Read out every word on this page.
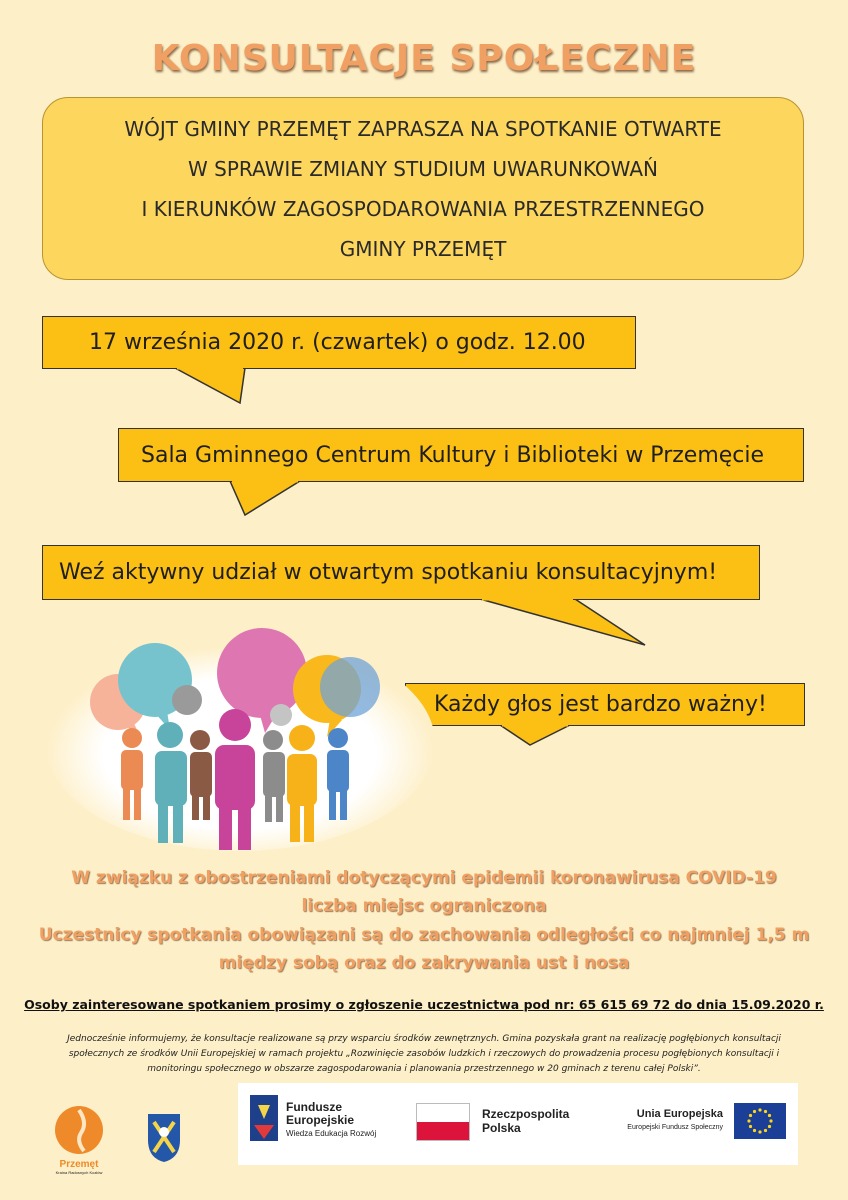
KONSULTACJE SPOŁECZNE
WÓJT GMINY PRZEMĘT ZAPRASZA NA SPOTKANIE OTWARTE
W SPRAWIE ZMIANY STUDIUM UWARUNKOWAŃ
I KIERUNKÓW ZAGOSPODAROWANIA PRZESTRZENNEGO
GMINY PRZEMĘT
17 września 2020 r. (czwartek) o godz. 12.00
Sala Gminnego Centrum Kultury i Biblioteki w Przemęcie
Weź aktywny udział w otwartym spotkaniu konsultacyjnym!
Każdy głos jest bardzo ważny!
W związku z obostrzeniami dotyczącymi epidemii koronawirusa COVID-19
liczba miejsc ograniczona
Uczestnicy spotkania obowiązani są do zachowania odległości co najmniej 1,5 m
między sobą oraz do zakrywania ust i nosa
Osoby zainteresowane spotkaniem prosimy o zgłoszenie uczestnictwa pod nr: 65 615 69 72 do dnia 15.09.2020 r.
Jednocześnie informujemy, że konsultacje realizowane są przy wsparciu środków zewnętrznych. Gmina pozyskała grant na realizację pogłębionych konsultacji społecznych ze środków Unii Europejskiej w ramach projektu „Rozwinięcie zasobów ludzkich i rzeczowych do prowadzenia procesu pogłębionych konsultacji i monitoringu społecznego w obszarze zagospodarowania i planowania przestrzennego w 20 gminach z terenu całej Polski”.
Przemęt
Kraina Radosnych Kozłów
Fundusze
Europejskie
Wiedza Edukacja Rozwój
Rzeczpospolita
Polska
Unia Europejska
Europejski Fundusz Społeczny
